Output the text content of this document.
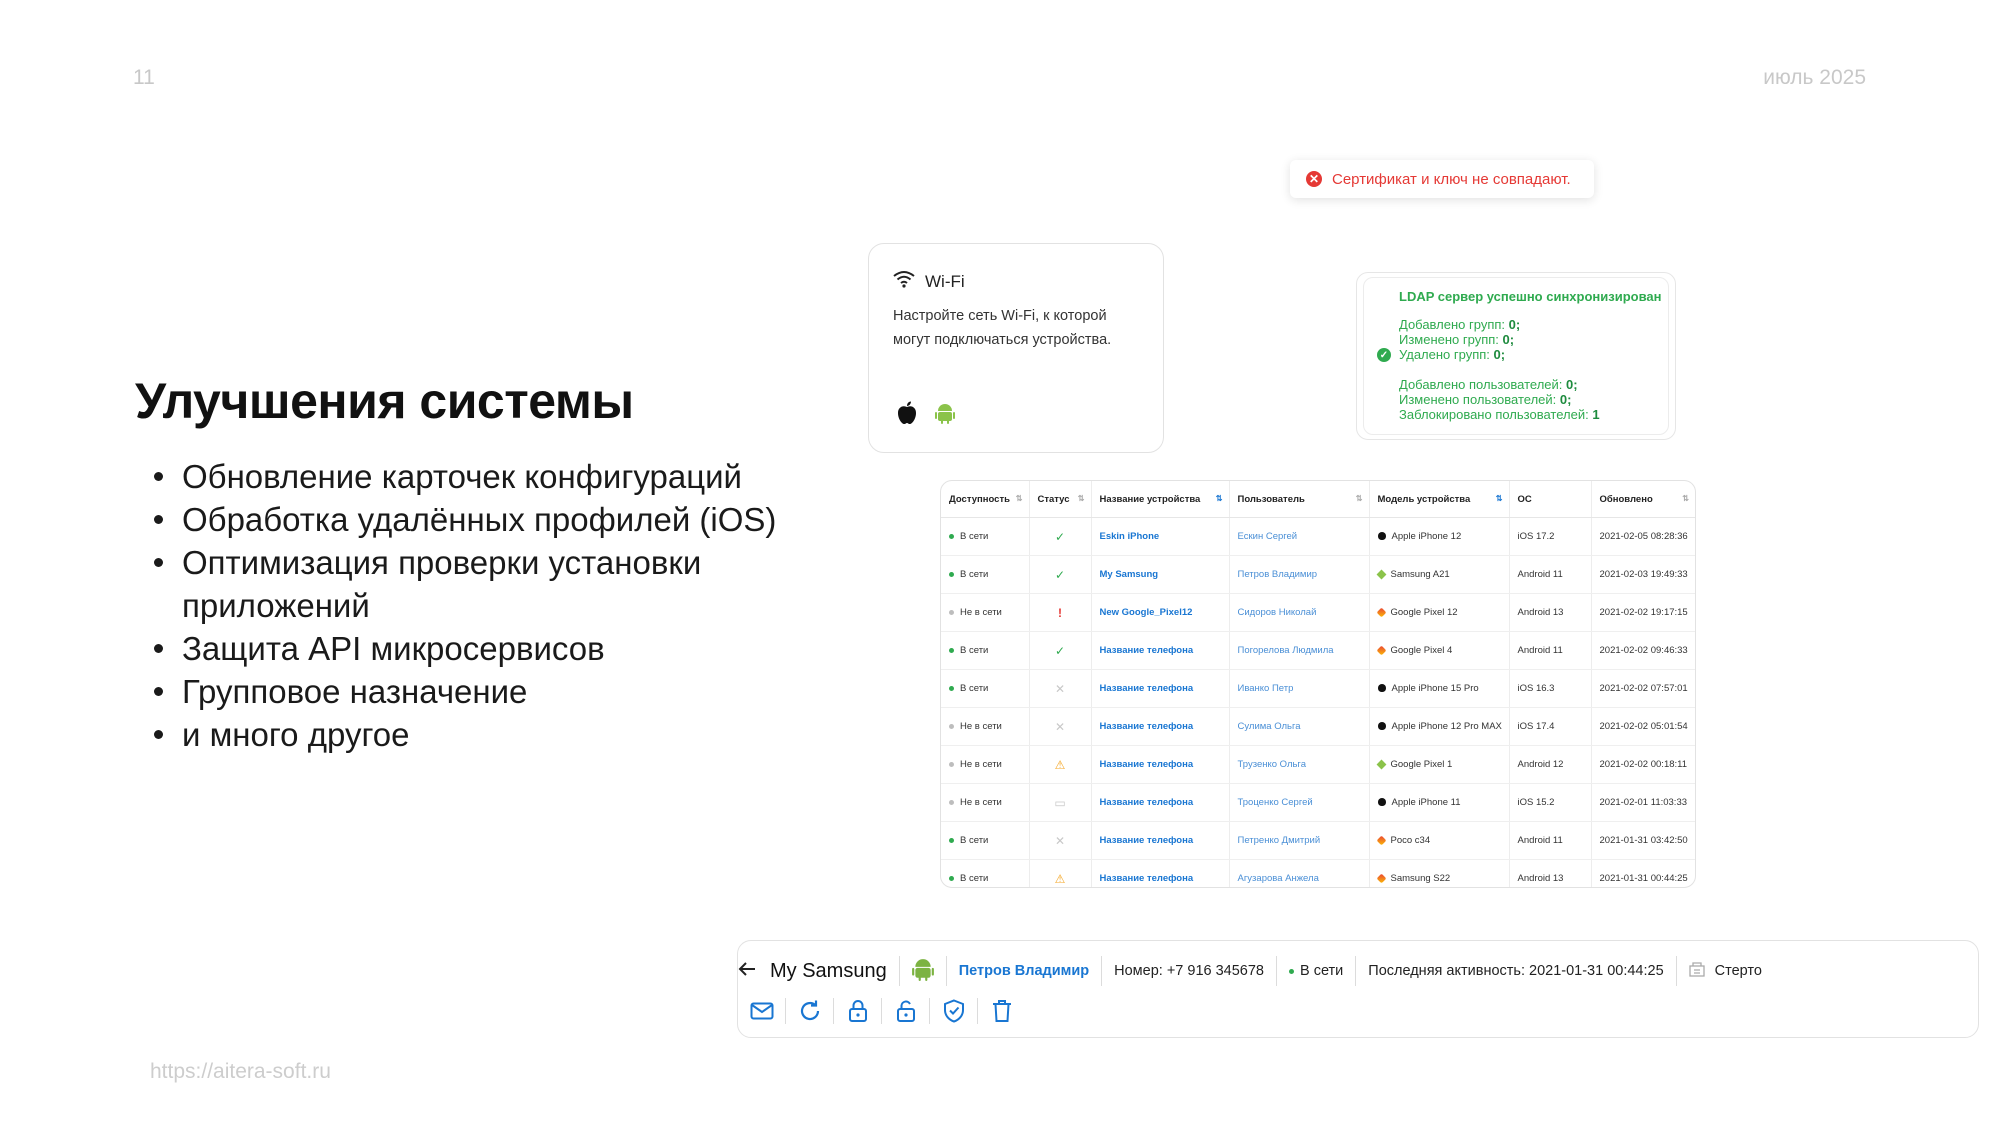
11	июль 2025
https://aitera-soft.ru
Улучшения системы
Обновление карточек конфигураций
Обработка удалённых профилей (iOS)
Оптимизация проверки установки приложений
Защита API микросервисов
Групповое назначение
и много другое
✕ Сертификат и ключ не совпадают.
Wi-Fi
Настройте сеть Wi-Fi, к которой могут подключаться устройства.
LDAP сервер успешно синхронизирован
✓
Добавлено групп: 0;
Изменено групп: 0;
Удалено групп: 0;
Добавлено пользователей: 0;
Изменено пользователей: 0;
Заблокировано пользователей: 1
Доступность ⇅	Статус ⇅	Название устройства ⇅	Пользователь ⇅	Модель устройства ⇅	ОС	Обновлено ⇅

В сети	✓	Eskin iPhone	Ескин Сергей	Apple iPhone 12	iOS 17.2	2021-02-05 08:28:36
В сети	✓	My Samsung	Петров Владимир	Samsung A21	Android 11	2021-02-03 19:49:33
Не в сети	!	New Google_Pixel12	Сидоров Николай	Google Pixel 12	Android 13	2021-02-02 19:17:15
В сети	✓	Название телефона	Погорелова Людмила	Google Pixel 4	Android 11	2021-02-02 09:46:33
В сети	✕	Название телефона	Иванко Петр	Apple iPhone 15 Pro	iOS 16.3	2021-02-02 07:57:01
Не в сети	✕	Название телефона	Сулима Ольга	Apple iPhone 12 Pro MAX	iOS 17.4	2021-02-02 05:01:54
Не в сети	⚠	Название телефона	Трузенко Ольга	Google Pixel 1	Android 12	2021-02-02 00:18:11
Не в сети	▭	Название телефона	Троценко Сергей	Apple iPhone 11	iOS 15.2	2021-02-01 11:03:33
В сети	✕	Название телефона	Петренко Дмитрий	Poco c34	Android 11	2021-01-31 03:42:50
В сети	⚠	Название телефона	Агузарова Анжела	Samsung S22	Android 13	2021-01-31 00:44:25
My Samsung	Петров Владимир Номер: +7 916 345678 В сети Последняя активность: 2021-01-31 00:44:25	Стерто
